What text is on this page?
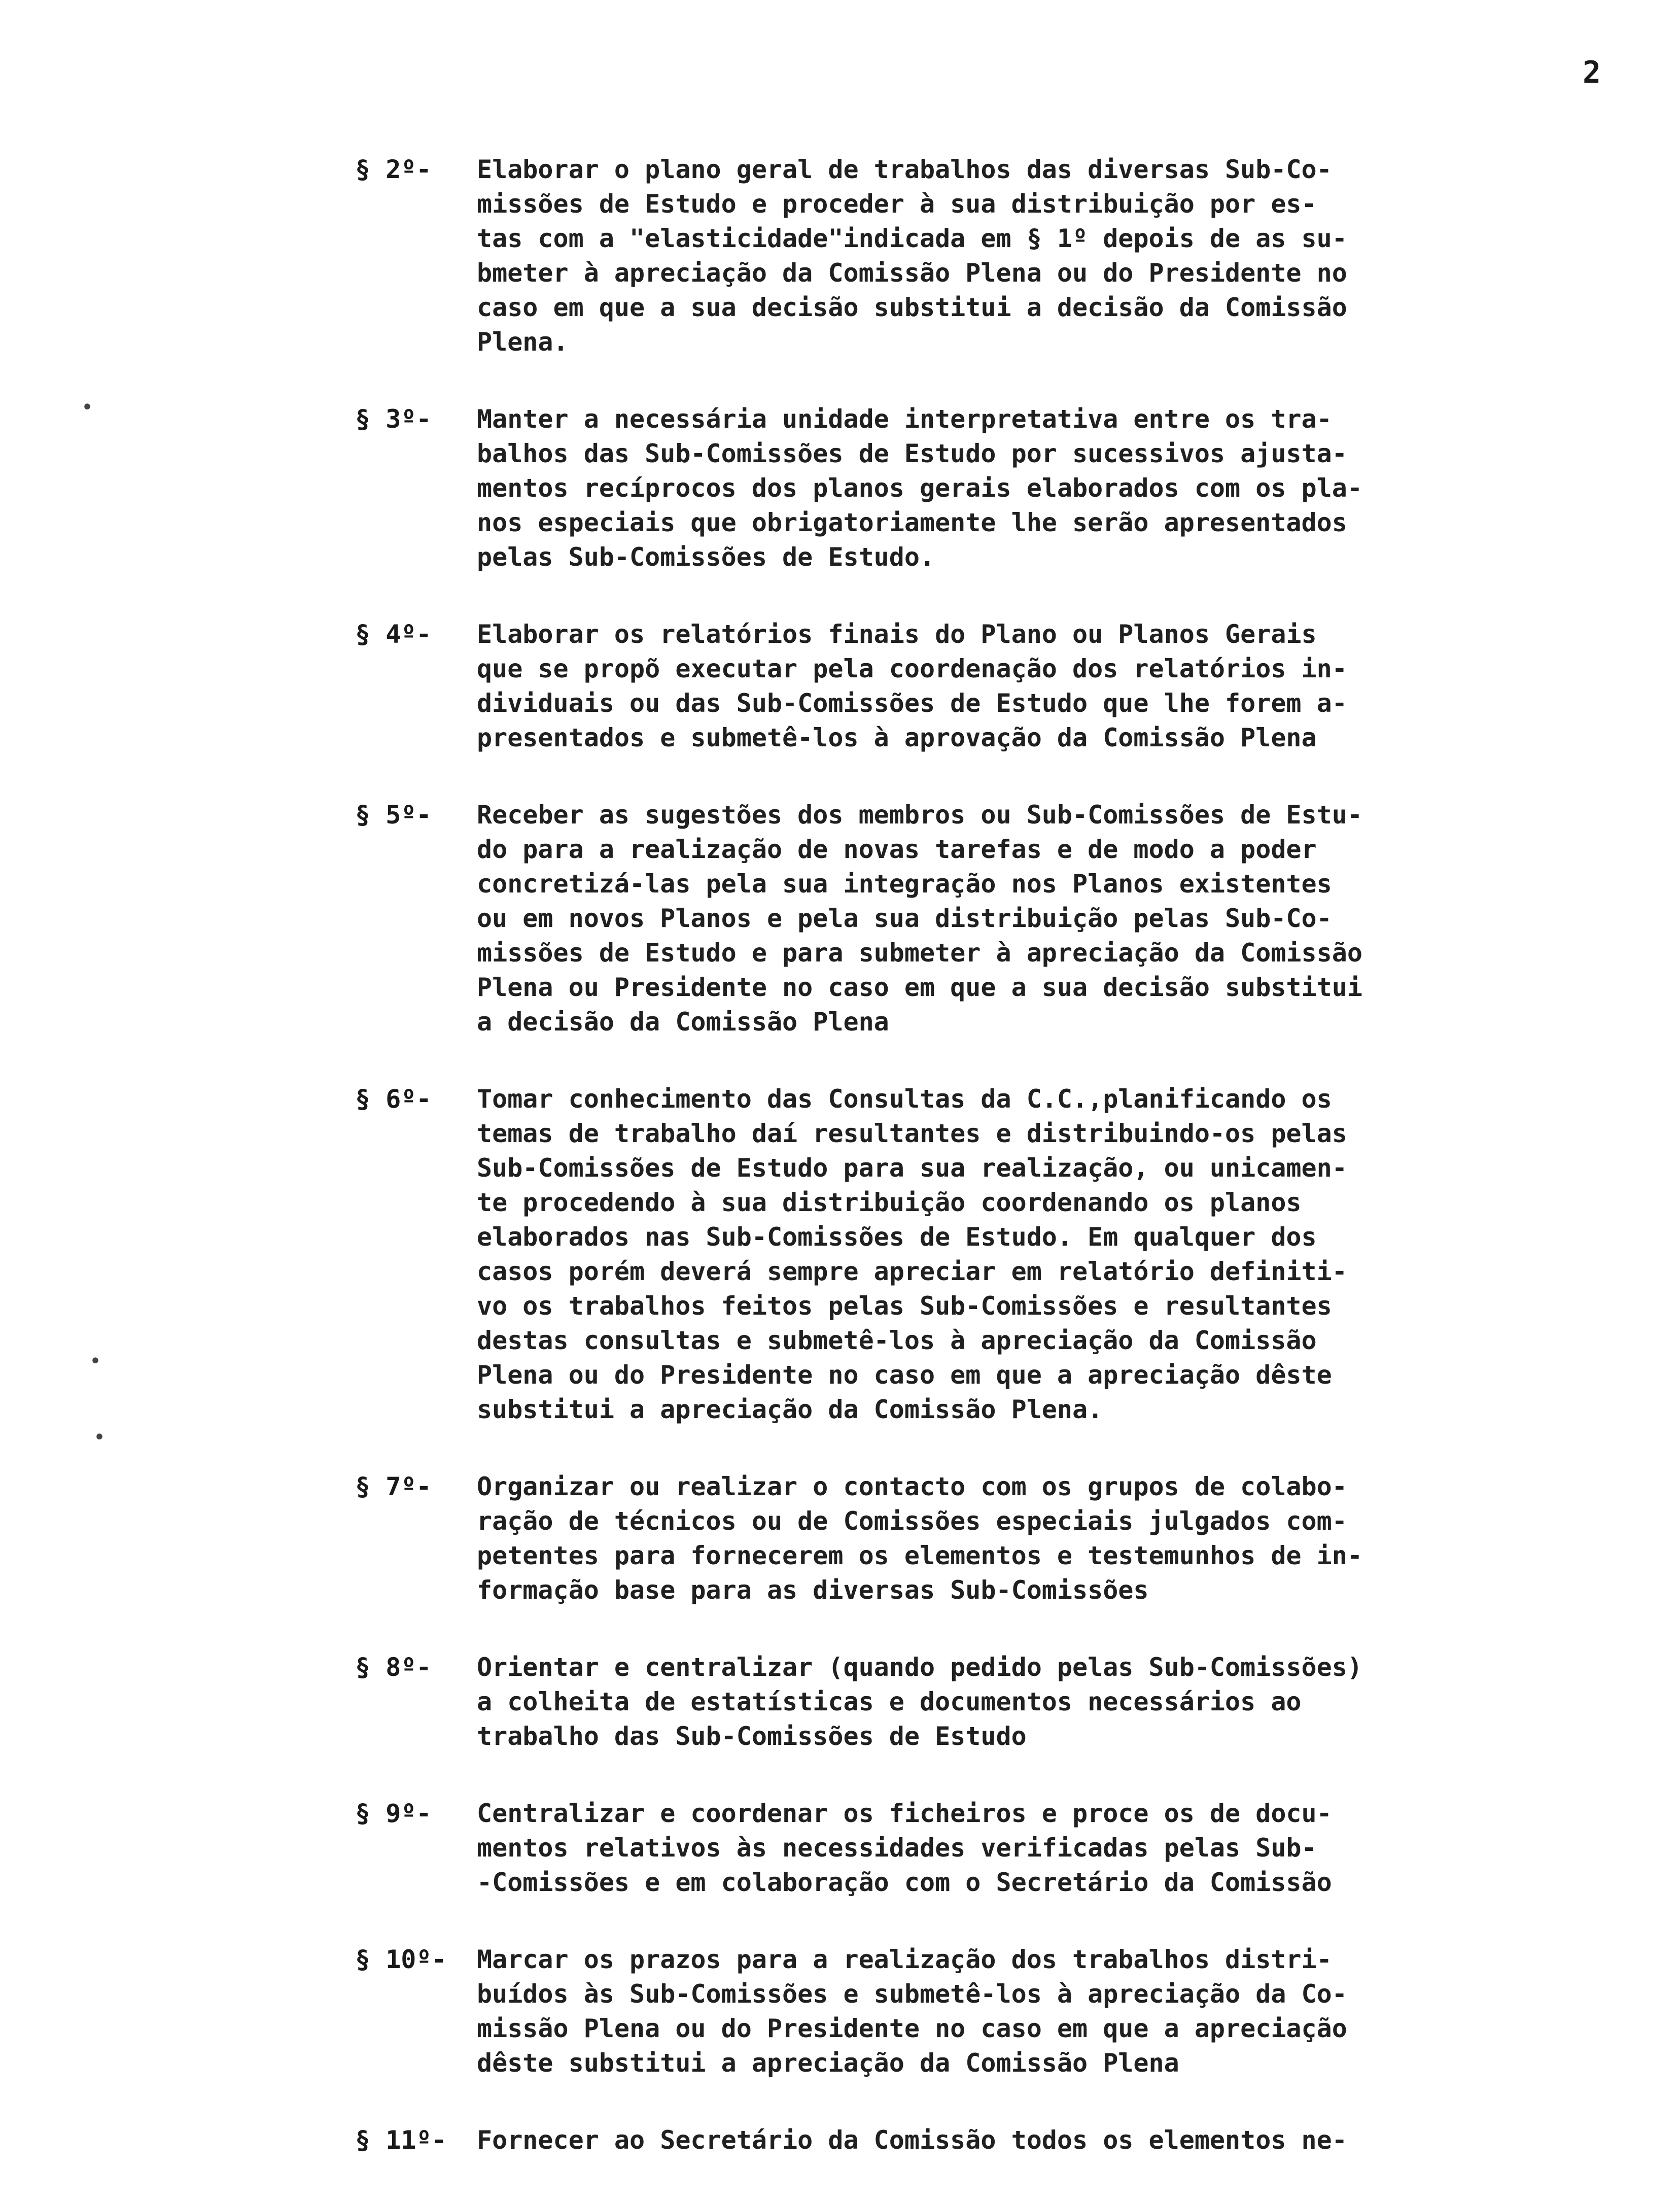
2
•
•
•
§ 2º-	Elaborar o plano geral de trabalhos das diversas Sub-Co-
missões de Estudo e proceder à sua distribuição por es-
tas com a "elasticidade"indicada em § 1º depois de as su-
bmeter à apreciação da Comissão Plena ou do Presidente no
caso em que a sua decisão substitui a decisão da Comissão
Plena.
§ 3º-	Manter a necessária unidade interpretativa entre os tra-
balhos das Sub-Comissões de Estudo por sucessivos ajusta-
mentos recíprocos dos planos gerais elaborados com os pla-
nos especiais que obrigatoriamente lhe serão apresentados
pelas Sub-Comissões de Estudo.
§ 4º-	Elaborar os relatórios finais do Plano ou Planos Gerais
que se propõ executar pela coordenação dos relatórios in-
dividuais ou das Sub-Comissões de Estudo que lhe forem a-
presentados e submetê-los à aprovação da Comissão Plena
§ 5º-	Receber as sugestões dos membros ou Sub-Comissões de Estu-
do para a realização de novas tarefas e de modo a poder
concretizá-las pela sua integração nos Planos existentes
ou em novos Planos e pela sua distribuição pelas Sub-Co-
missões de Estudo e para submeter à apreciação da Comissão
Plena ou Presidente no caso em que a sua decisão substitui
a decisão da Comissão Plena
§ 6º-	Tomar conhecimento das Consultas da C.C.,planificando os
temas de trabalho daí resultantes e distribuindo-os pelas
Sub-Comissões de Estudo para sua realização, ou unicamen-
te procedendo à sua distribuição coordenando os planos
elaborados nas Sub-Comissões de Estudo. Em qualquer dos
casos porém deverá sempre apreciar em relatório definiti-
vo os trabalhos feitos pelas Sub-Comissões e resultantes
destas consultas e submetê-los à apreciação da Comissão
Plena ou do Presidente no caso em que a apreciação dêste
substitui a apreciação da Comissão Plena.
§ 7º-	Organizar ou realizar o contacto com os grupos de colabo-
ração de técnicos ou de Comissões especiais julgados com-
petentes para fornecerem os elementos e testemunhos de in-
formação base para as diversas Sub-Comissões
§ 8º-	Orientar e centralizar (quando pedido pelas Sub-Comissões)
a colheita de estatísticas e documentos necessários ao
trabalho das Sub-Comissões de Estudo
§ 9º-	Centralizar e coordenar os ficheiros e proce os de docu-
mentos relativos às necessidades verificadas pelas Sub-
-Comissões e em colaboração com o Secretário da Comissão
§ 10º-	Marcar os prazos para a realização dos trabalhos distri-
buídos às Sub-Comissões e submetê-los à apreciação da Co-
missão Plena ou do Presidente no caso em que a apreciação
dêste substitui a apreciação da Comissão Plena
§ 11º-	Fornecer ao Secretário da Comissão todos os elementos ne-
